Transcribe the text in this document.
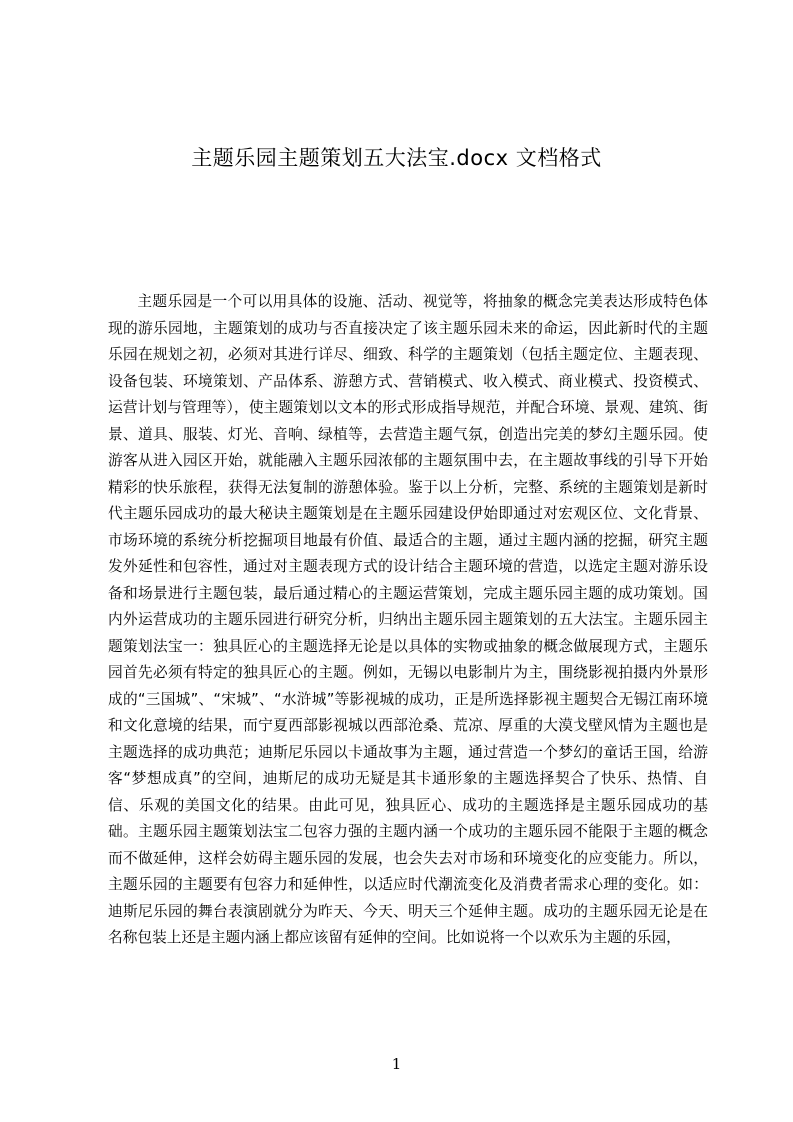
主题乐园主题策划五大法宝.docx 文档格式

主题乐园是一个可以用具体的设施、活动、视觉等，将抽象的概念完美表达形成特色体现的游乐园地，主题策划的成功与否直接决定了该主题乐园未来的命运，因此新时代的主题乐园在规划之初，必须对其进行详尽、细致、科学的主题策划（包括主题定位、主题表现、设备包装、环境策划、产品体系、游憩方式、营销模式、收入模式、商业模式、投资模式、运营计划与管理等），使主题策划以文本的形式形成指导规范，并配合环境、景观、建筑、街景、道具、服装、灯光、音响、绿植等，去营造主题气氛，创造出完美的梦幻主题乐园。使游客从进入园区开始，就能融入主题乐园浓郁的主题氛围中去，在主题故事线的引导下开始精彩的快乐旅程，获得无法复制的游憩体验。鉴于以上分析，完整、系统的主题策划是新时代主题乐园成功的最大秘诀主题策划是在主题乐园建设伊始即通过对宏观区位、文化背景、市场环境的系统分析挖掘项目地最有价值、最适合的主题，通过主题内涵的挖掘，研究主题发外延性和包容性，通过对主题表现方式的设计结合主题环境的营造，以选定主题对游乐设备和场景进行主题包装，最后通过精心的主题运营策划，完成主题乐园主题的成功策划。国内外运营成功的主题乐园进行研究分析，归纳出主题乐园主题策划的五大法宝。主题乐园主题策划法宝一：独具匠心的主题选择无论是以具体的实物或抽象的概念做展现方式，主题乐园首先必须有特定的独具匠心的主题。例如，无锡以电影制片为主，围绕影视拍摄内外景形成的“三国城”、“宋城”、“水浒城”等影视城的成功，正是所选择影视主题契合无锡江南环境和文化意境的结果，而宁夏西部影视城以西部沧桑、荒凉、厚重的大漠戈壁风情为主题也是主题选择的成功典范；迪斯尼乐园以卡通故事为主题，通过营造一个梦幻的童话王国，给游客“梦想成真”的空间，迪斯尼的成功无疑是其卡通形象的主题选择契合了快乐、热情、自信、乐观的美国文化的结果。由此可见，独具匠心、成功的主题选择是主题乐园成功的基础。主题乐园主题策划法宝二包容力强的主题内涵一个成功的主题乐园不能限于主题的概念而不做延伸，这样会妨碍主题乐园的发展，也会失去对市场和环境变化的应变能力。所以，主题乐园的主题要有包容力和延伸性，以适应时代潮流变化及消费者需求心理的变化。如：迪斯尼乐园的舞台表演剧就分为昨天、今天、明天三个延伸主题。成功的主题乐园无论是在名称包装上还是主题内涵上都应该留有延伸的空间。比如说将一个以欢乐为主题的乐园，

1
